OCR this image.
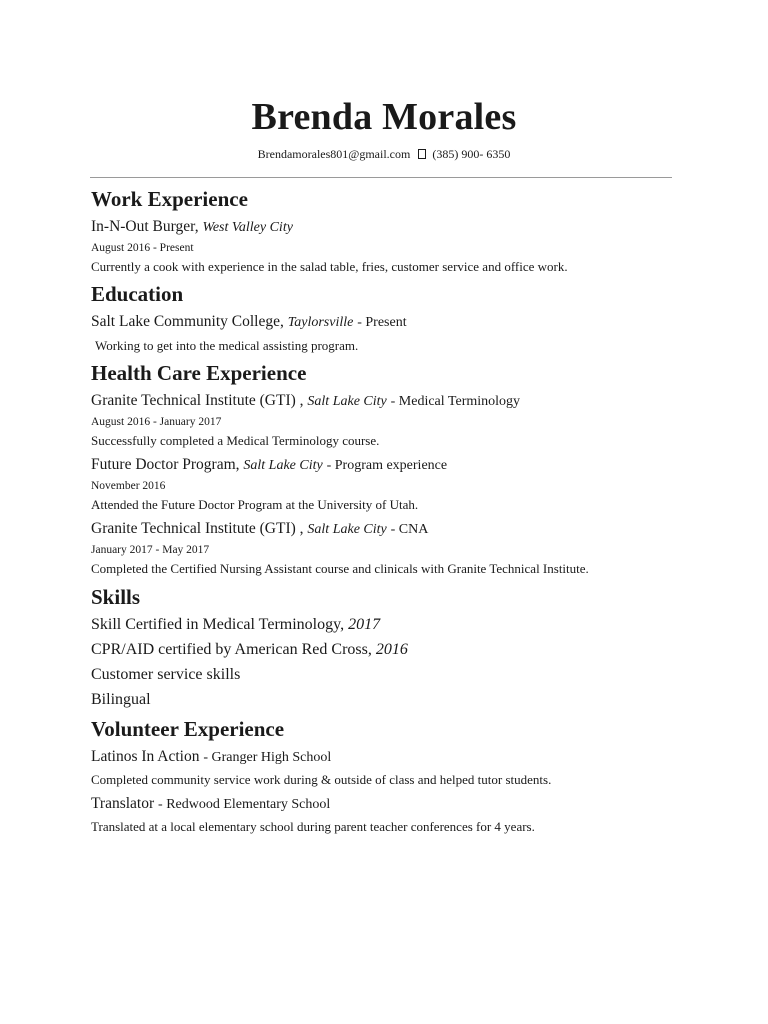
Brenda Morales
Brendamorales801@gmail.com (385) 900- 6350
Work Experience
In-N-Out Burger, West Valley City
August 2016 - Present
Currently a cook with experience in the salad table, fries, customer service and office work.
Education
Salt Lake Community College, Taylorsville - Present
Working to get into the medical assisting program.
Health Care Experience
Granite Technical Institute (GTI) , Salt Lake City - Medical Terminology
August 2016 - January 2017
Successfully completed a Medical Terminology course.
Future Doctor Program, Salt Lake City - Program experience
November 2016
Attended the Future Doctor Program at the University of Utah.
Granite Technical Institute (GTI) , Salt Lake City - CNA
January 2017 - May 2017
Completed the Certified Nursing Assistant course and clinicals with Granite Technical Institute.
Skills
Skill Certified in Medical Terminology, 2017
CPR/AID certified by American Red Cross, 2016
Customer service skills
Bilingual
Volunteer Experience
Latinos In Action - Granger High School
Completed community service work during & outside of class and helped tutor students.
Translator - Redwood Elementary School
Translated at a local elementary school during parent teacher conferences for 4 years.
